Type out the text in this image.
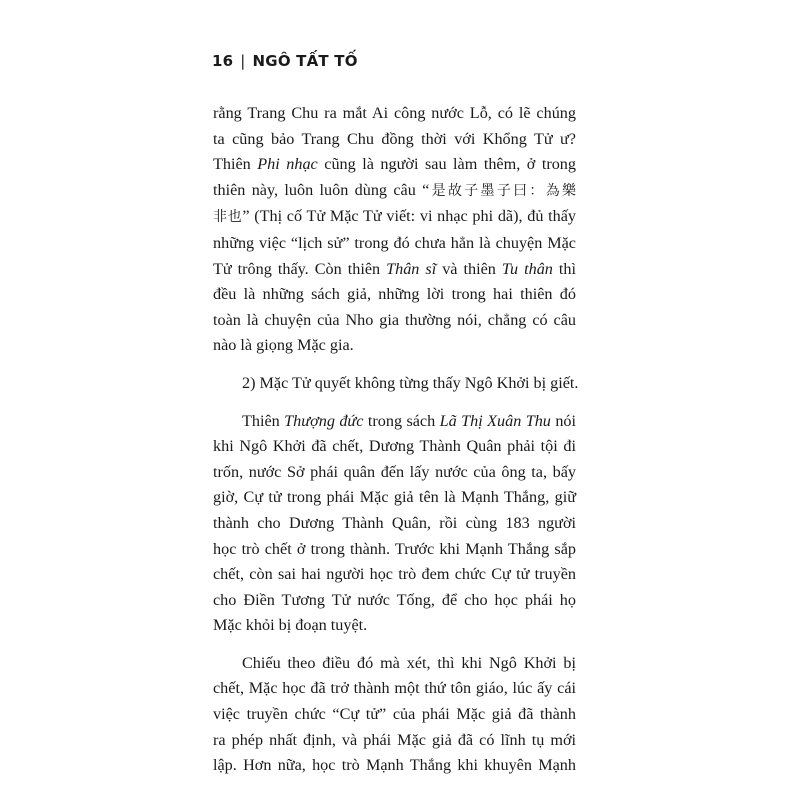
16 | NGÔ TẤT TỐ
rằng Trang Chu ra mắt Ai công nước Lỗ, có lẽ chúng
ta cũng bảo Trang Chu đồng thời với Khổng Tử ư?
Thiên Phi nhạc cũng là người sau làm thêm, ở trong
thiên này, luôn luôn dùng câu “是故子墨子曰：為樂
非也” (Thị cố Tử Mặc Tử viết: vi nhạc phi dã), đủ thấy
những việc “lịch sử” trong đó chưa hẳn là chuyện Mặc
Tử trông thấy. Còn thiên Thân sĩ và thiên Tu thân thì
đều là những sách giả, những lời trong hai thiên đó
toàn là chuyện của Nho gia thường nói, chẳng có câu
nào là giọng Mặc gia.
2) Mặc Tử quyết không từng thấy Ngô Khởi bị giết.
Thiên Thượng đức trong sách Lã Thị Xuân Thu nói
khi Ngô Khởi đã chết, Dương Thành Quân phải tội đi
trốn, nước Sở phái quân đến lấy nước của ông ta, bấy
giờ, Cự tử trong phái Mặc giả tên là Mạnh Thắng, giữ
thành cho Dương Thành Quân, rồi cùng 183 người
học trò chết ở trong thành. Trước khi Mạnh Thắng sắp
chết, còn sai hai người học trò đem chức Cự tử truyền
cho Điền Tương Tử nước Tống, để cho học phái họ
Mặc khỏi bị đoạn tuyệt.
Chiếu theo điều đó mà xét, thì khi Ngô Khởi bị
chết, Mặc học đã trở thành một thứ tôn giáo, lúc ấy cái
việc truyền chức “Cự tử” của phái Mặc giả đã thành
ra phép nhất định, và phái Mặc giả đã có lĩnh tụ mới
lập. Hơn nữa, học trò Mạnh Thắng khi khuyên Mạnh
